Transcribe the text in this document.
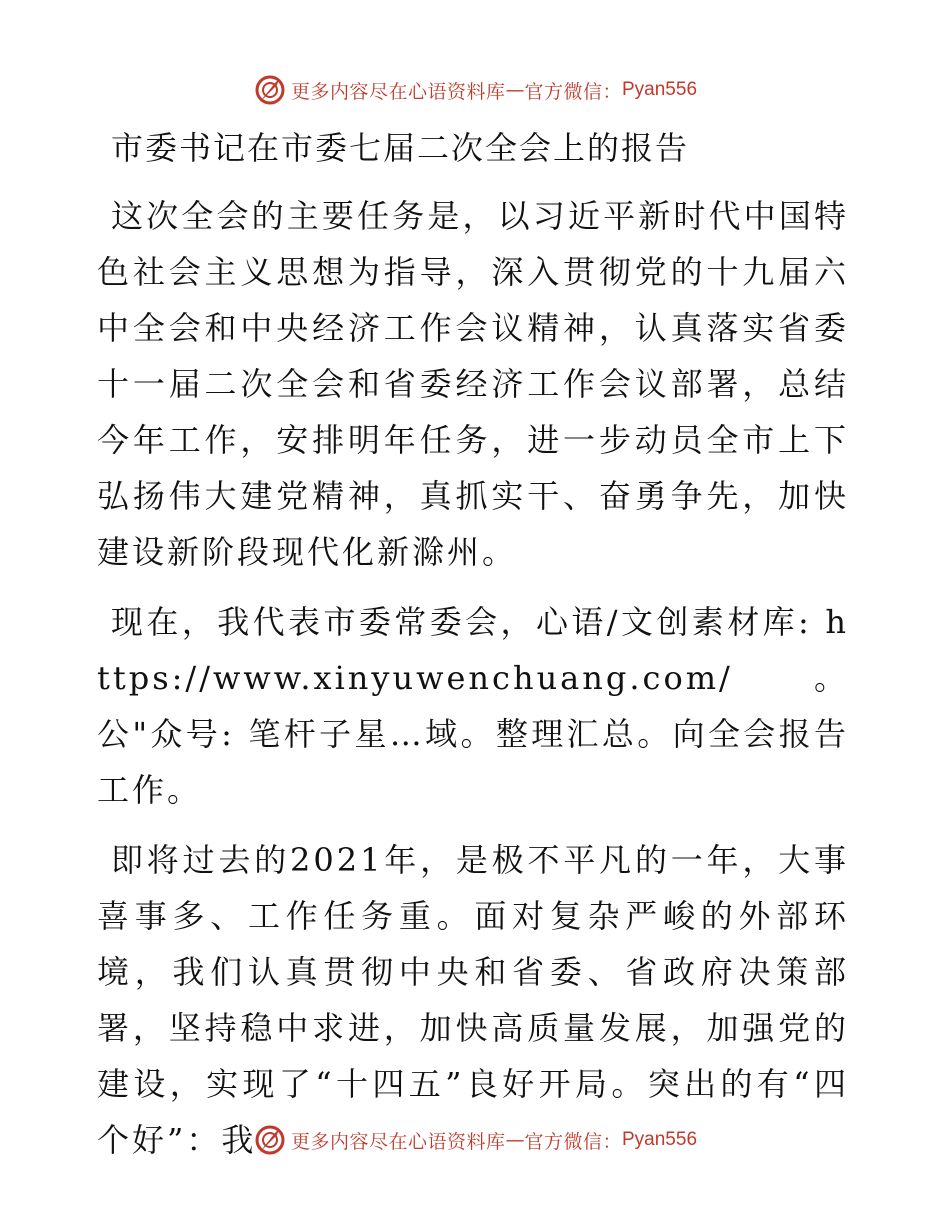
更多内容尽在心语资料库 — 官方微信： Pyan556
市委书记在市委七届二次全会上的报告

这次全会的主要任务是，以习近平新时代中国特色社会主义思想为指导，深入贯彻党的十九届六中全会和中央经济工作会议精神，认真落实省委十一届二次全会和省委经济工作会议部署，总结今年工作，安排明年任务，进一步动员全市上下弘扬伟大建党精神，真抓实干、奋勇争先，加快建设新阶段现代化新滁州。

现在，我代表市委常委会，心语/文创素材库: https://www.xinyuwenchuang.com/。公"众号: 笔杆子星…域。整理汇总。向全会报告工作。

即将过去的2021年，是极不平凡的一年，大事喜事多、工作任务重。面对复杂严峻的外部环境，我们认真贯彻中央和省委、省政府决策部署，坚持稳中求进，加快高质量发展，加强党的建设，实现了“十四五”良好开局。突出的有“四个好”：我	更多内容尽在心语资料库 — 官方微信： Pyan556
